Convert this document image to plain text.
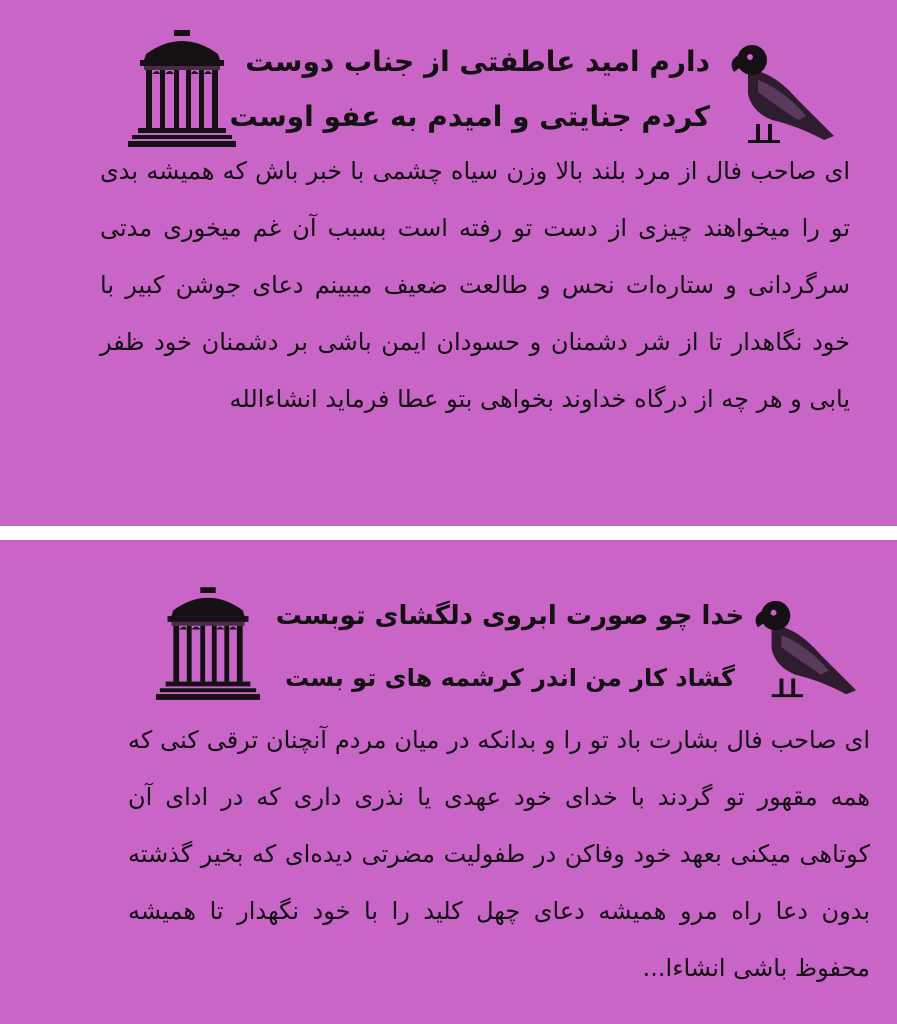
دارم امید عاطفتی از جناب دوست
کردم جنایتی و امیدم به عفو اوست
ای صاحب فال از مرد بلند بالا وزن سیاه چشمی با خبر باش که همیشه بدی تو را میخواهند چیزی از دست تو رفته است بسبب آن غم میخوری مدتی سرگردانی و ستاره‌ات نحس و طالعت ضعیف میبینم دعای جوشن کبیر با خود نگاهدار تا از شر دشمنان و حسودان ایمن باشی بر دشمنان خود ظفر یابی و هر چه از درگاه خداوند بخواهی بتو عطا فرماید انشاءالله
خدا چو صورت ابروی دلگشای توبست
گشاد کار من اندر کرشمه های تو بست
ای صاحب فال بشارت باد تو را و بدانکه در میان مردم آنچنان ترقی کنی که همه مقهور تو گردند با خدای خود عهدی یا نذری داری که در ادای آن کوتاهی میکنی بعهد خود وفاکن در طفولیت مضرتی دیده‌ای که بخیر گذشته بدون دعا راه مرو همیشه دعای چهل کلید را با خود نگهدار تا همیشه محفوظ باشی انشاءا...
